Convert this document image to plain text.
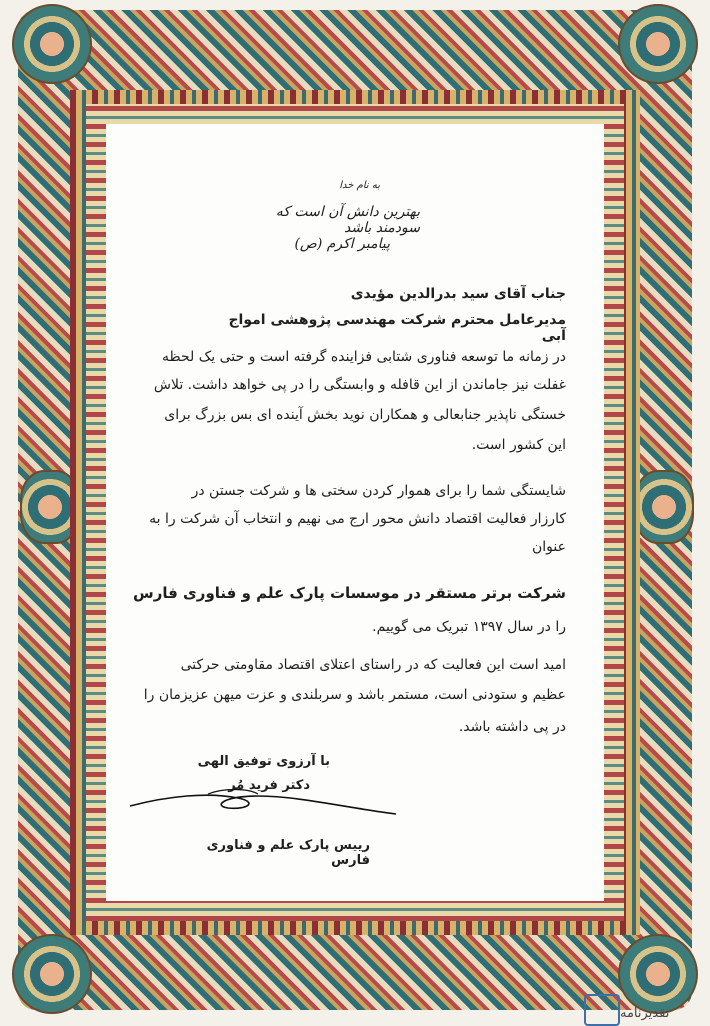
به نام خدا
بهترین دانش آن است که سودمند باشد
پیامبر اکرم (ص)
جناب آقای سید بدرالدین مؤیدی
مدیرعامل محترم شرکت مهندسی پژوهشی امواج آبی
در زمانه ما توسعه فناوری شتابی فزاینده گرفته است و حتی یک لحظه
غفلت نیز جاماندن از این قافله و وابستگی را در پی خواهد داشت. تلاش
خستگی ناپذیر جنابعالی و همکاران نوید بخش آینده ای بس بزرگ برای
این کشور است.
شایستگی شما را برای هموار کردن سختی ها و شرکت جستن در
کارزار فعالیت اقتصاد دانش محور ارج می نهیم و انتخاب آن شرکت را به
عنوان
شرکت برتر مستقر در موسسات پارک علم و فناوری فارس
را در سال ۱۳۹۷ تبریک می گوییم.
امید است این فعالیت که در راستای اعتلای اقتصاد مقاومتی حرکتی
عظیم و ستودنی است، مستمر باشد و سربلندی و عزت میهن عزیزمان را
در پی داشته باشد.
با آرزوی توفیق الهی
دکتر فرید مُر
رییس پارک علم و فناوری فارس
تقدیرنامه
